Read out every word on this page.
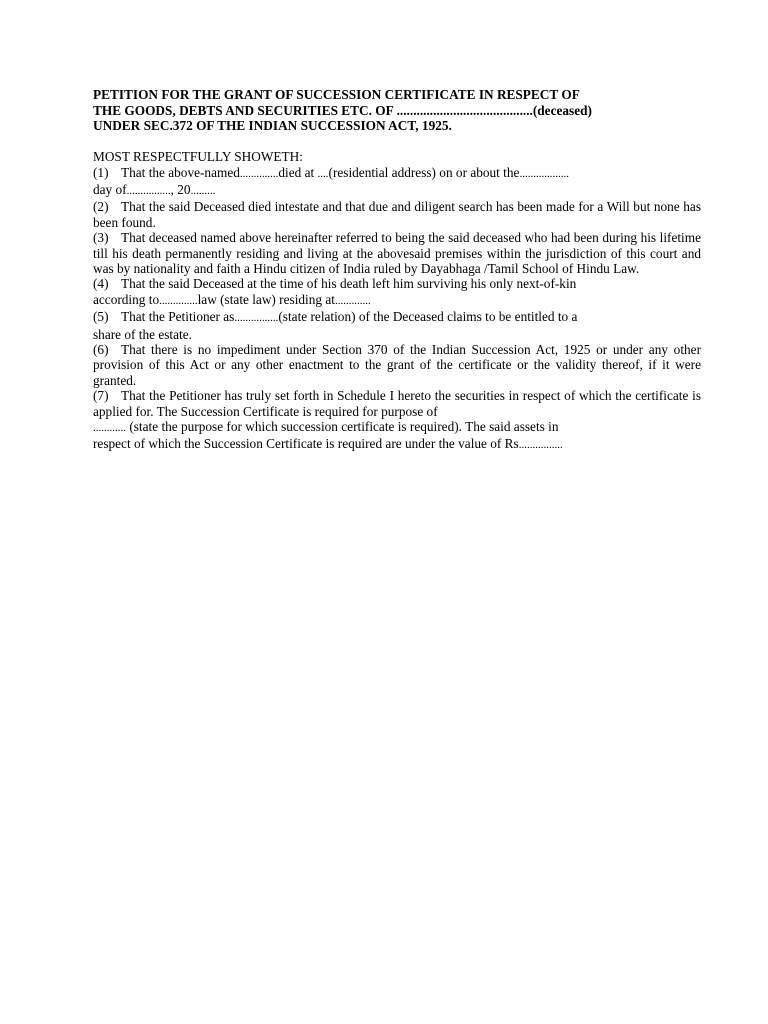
PETITION FOR THE GRANT OF SUCCESSION CERTIFICATE IN RESPECT OF
THE GOODS, DEBTS AND SECURITIES ETC. OF .........................................(deceased)
UNDER SEC.372 OF THE INDIAN SUCCESSION ACT, 1925.
MOST RESPECTFULLY SHOWETH:
(1) That the above-named..............died at ....(residential address) on or about the..................
day of................, 20.........
(2) That the said Deceased died intestate and that due and diligent search has been made for a Will but none has been found.
(3) That deceased named above hereinafter referred to being the said deceased who had been during his lifetime till his death permanently residing and living at the abovesaid premises within the jurisdiction of this court and was by nationality and faith a Hindu citizen of India ruled by Dayabhaga /Tamil School of Hindu Law.
(4) That the said Deceased at the time of his death left him surviving his only next-of-kin
according to..............law (state law) residing at.............
(5) That the Petitioner as................(state relation) of the Deceased claims to be entitled to a
share of the estate.
(6) That there is no impediment under Section 370 of the Indian Succession Act, 1925 or under any other provision of this Act or any other enactment to the grant of the certificate or the validity thereof, if it were granted.
(7) That the Petitioner has truly set forth in Schedule I hereto the securities in respect of which the certificate is applied for. The Succession Certificate is required for purpose of
............ (state the purpose for which succession certificate is required). The said assets in
respect of which the Succession Certificate is required are under the value of Rs................
